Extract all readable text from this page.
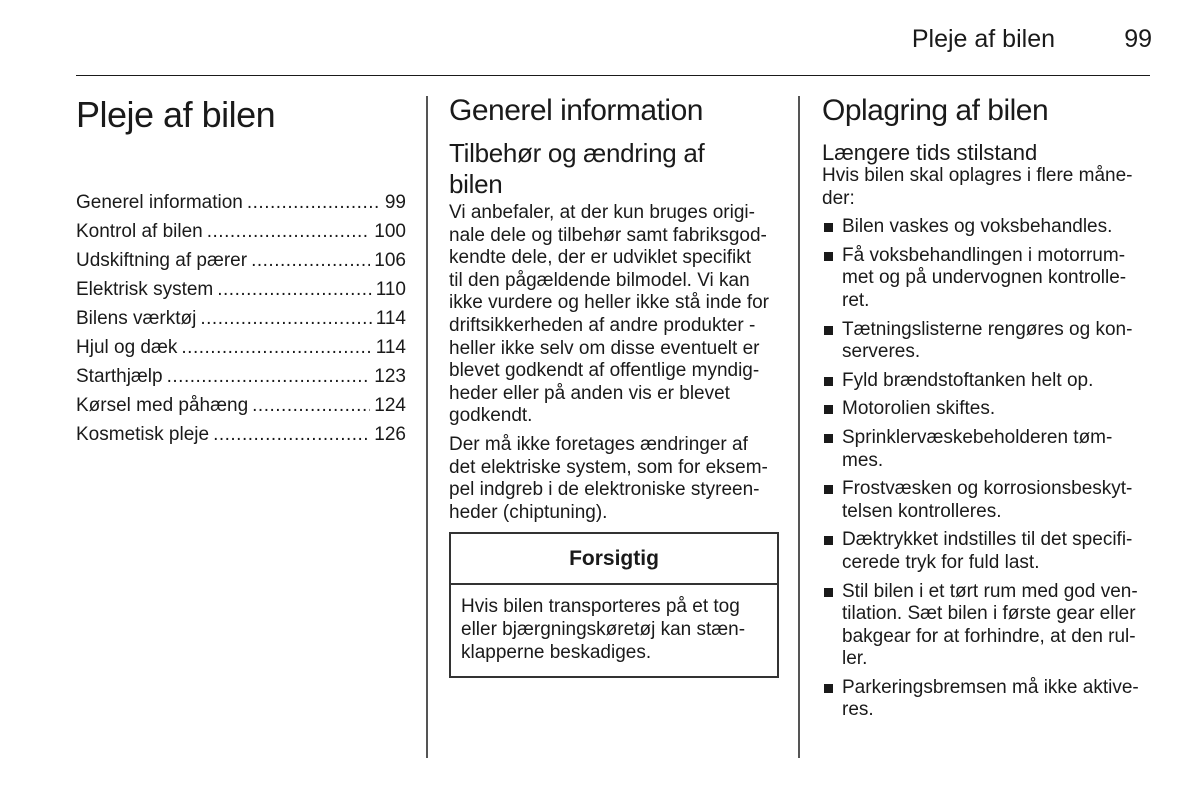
Pleje af bilen	99
Pleje af bilen
Generel information .....	99
Kontrol af bilen .....	100
Udskiftning af pærer .....	106
Elektrisk system .....	110
Bilens værktøj .....	114
Hjul og dæk .....	114
Starthjælp .....	123
Kørsel med påhæng .....	124
Kosmetisk pleje .....	126
Generel information
Tilbehør og ændring af
bilen

Vi anbefaler, at der kun bruges origi-
nale dele og tilbehør samt fabriksgod-
kendte dele, der er udviklet specifikt
til den pågældende bilmodel. Vi kan
ikke vurdere og heller ikke stå inde for
driftsikkerheden af andre produkter -
heller ikke selv om disse eventuelt er
blevet godkendt af offentlige myndig-
heder eller på anden vis er blevet
godkendt.

Der må ikke foretages ændringer af
det elektriske system, som for eksem-
pel indgreb i de elektroniske styreen-
heder (chiptuning).

Forsigtig
Hvis bilen transporteres på et tog
eller bjærgningskøretøj kan stæn-
klapperne beskadiges.
Oplagring af bilen
Længere tids stilstand

Hvis bilen skal oplagres i flere måne-
der:

Bilen vaskes og voksbehandles.
Få voksbehandlingen i motorrum-
met og på undervognen kontrolle-
ret.
Tætningslisterne rengøres og kon-
serveres.
Fyld brændstoftanken helt op.
Motorolien skiftes.
Sprinklervæskebeholderen tøm-
mes.
Frostvæsken og korrosionsbeskyt-
telsen kontrolleres.
Dæktrykket indstilles til det specifi-
cerede tryk for fuld last.
Stil bilen i et tørt rum med god ven-
tilation. Sæt bilen i første gear eller
bakgear for at forhindre, at den rul-
ler.
Parkeringsbremsen må ikke aktive-
res.
